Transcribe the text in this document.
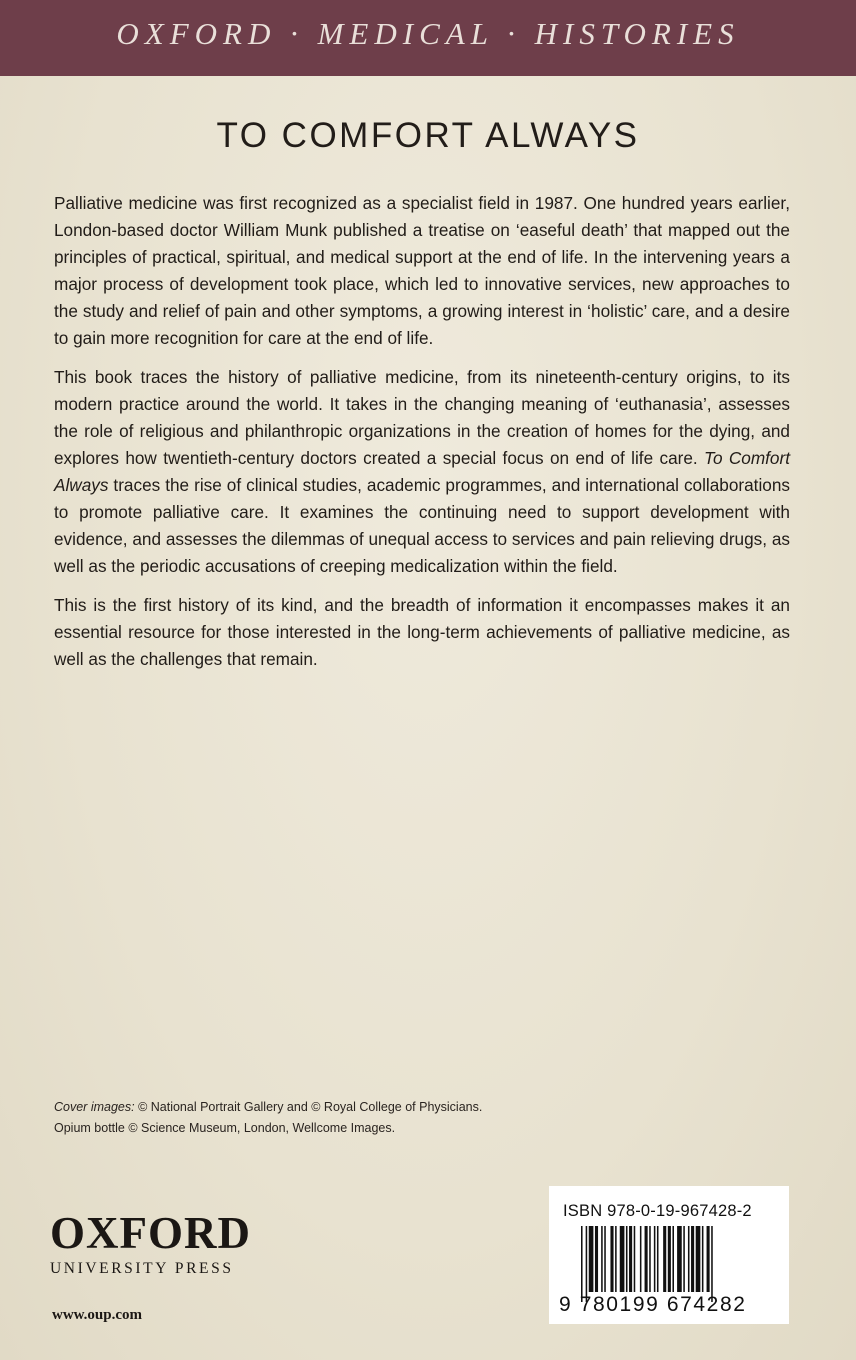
OXFORD · MEDICAL · HISTORIES
TO COMFORT ALWAYS

Palliative medicine was first recognized as a specialist field in 1987. One hundred years earlier, London-based doctor William Munk published a treatise on ‘easeful death’ that mapped out the principles of practical, spiritual, and medical support at the end of life. In the intervening years a major process of development took place, which led to innovative services, new approaches to the study and relief of pain and other symptoms, a growing interest in ‘holistic’ care, and a desire to gain more recognition for care at the end of life.

This book traces the history of palliative medicine, from its nineteenth-century origins, to its modern practice around the world. It takes in the changing meaning of ‘euthanasia’, assesses the role of religious and philanthropic organizations in the creation of homes for the dying, and explores how twentieth-century doctors created a special focus on end of life care. To Comfort Always traces the rise of clinical studies, academic programmes, and international collaborations to promote palliative care. It examines the continuing need to support development with evidence, and assesses the dilemmas of unequal access to services and pain relieving drugs, as well as the periodic accusations of creeping medicalization within the field.

This is the first history of its kind, and the breadth of information it encompasses makes it an essential resource for those interested in the long-term achievements of palliative medicine, as well as the challenges that remain.

Cover images: © National Portrait Gallery and © Royal College of Physicians.
Opium bottle © Science Museum, London, Wellcome Images.
OXFORD
UNIVERSITY PRESS
www.oup.com
ISBN 978-0-19-967428-2
9 780199 674282
